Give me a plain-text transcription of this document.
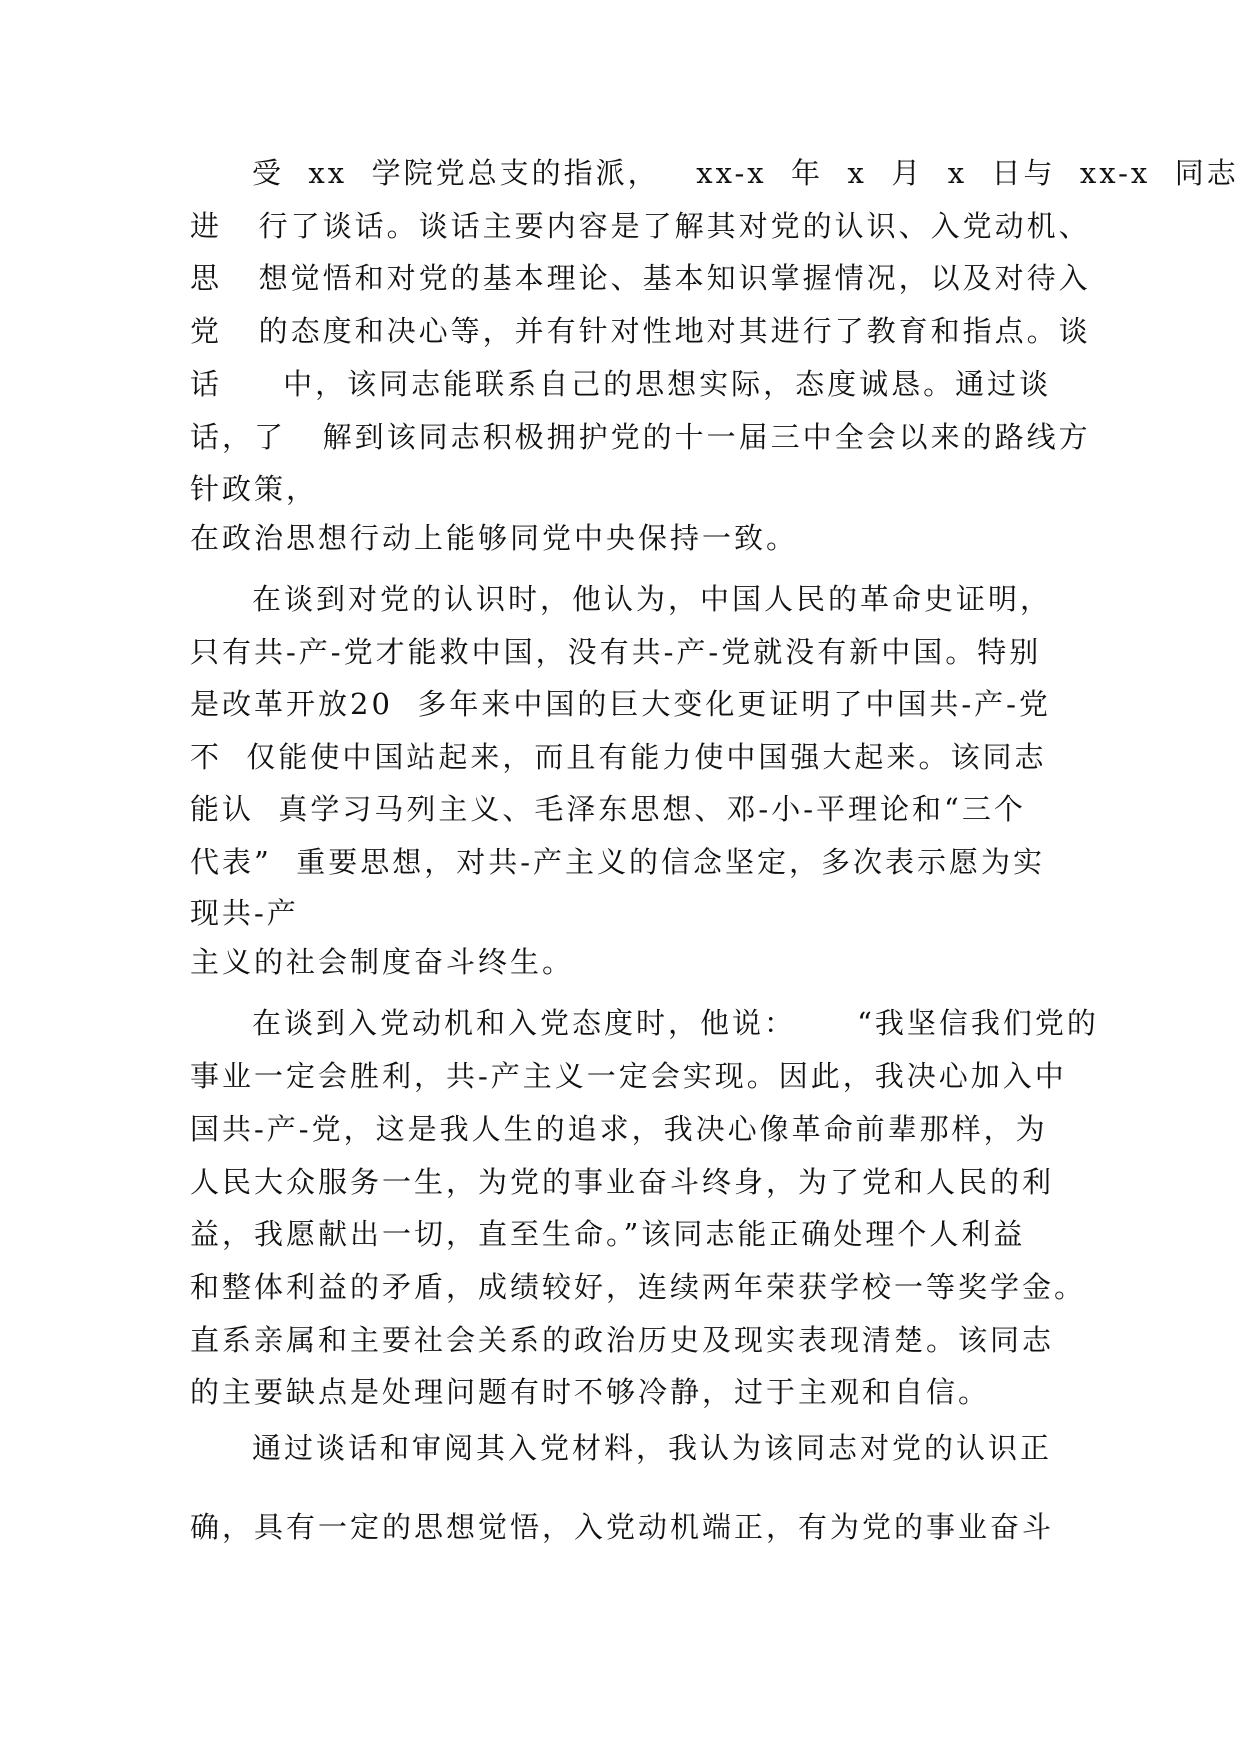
受  xx  学院党总支的指派，   xx-x  年  x  月  x  日与  xx-x  同志
进   行了谈话。谈话主要内容是了解其对党的认识、入党动机、
思   想觉悟和对党的基本理论、基本知识掌握情况，以及对待入
党   的态度和决心等，并有针对性地对其进行了教育和指点。谈
话     中，该同志能联系自己的思想实际，态度诚恳。通过谈
话，了   解到该同志积极拥护党的十一届三中全会以来的路线方
针政策，
在政治思想行动上能够同党中央保持一致。
在谈到对党的认识时，他认为，中国人民的革命史证明，
只有共-产-党才能救中国，没有共-产-党就没有新中国。特别
是改革开放20  多年来中国的巨大变化更证明了中国共-产-党
不  仅能使中国站起来，而且有能力使中国强大起来。该同志
能认  真学习马列主义、毛泽东思想、邓-小-平理论和“三个
代表”  重要思想，对共-产主义的信念坚定，多次表示愿为实
现共-产
主义的社会制度奋斗终生。
在谈到入党动机和入党态度时，他说：     “我坚信我们党的
事业一定会胜利，共-产主义一定会实现。因此，我决心加入中
国共-产-党，这是我人生的追求，我决心像革命前辈那样，为
人民大众服务一生，为党的事业奋斗终身，为了党和人民的利
益，我愿献出一切，直至生命。”该同志能正确处理个人利益
和整体利益的矛盾，成绩较好，连续两年荣获学校一等奖学金。
直系亲属和主要社会关系的政治历史及现实表现清楚。该同志
的主要缺点是处理问题有时不够冷静，过于主观和自信。
通过谈话和审阅其入党材料，我认为该同志对党的认识正
确，具有一定的思想觉悟，入党动机端正，有为党的事业奋斗
